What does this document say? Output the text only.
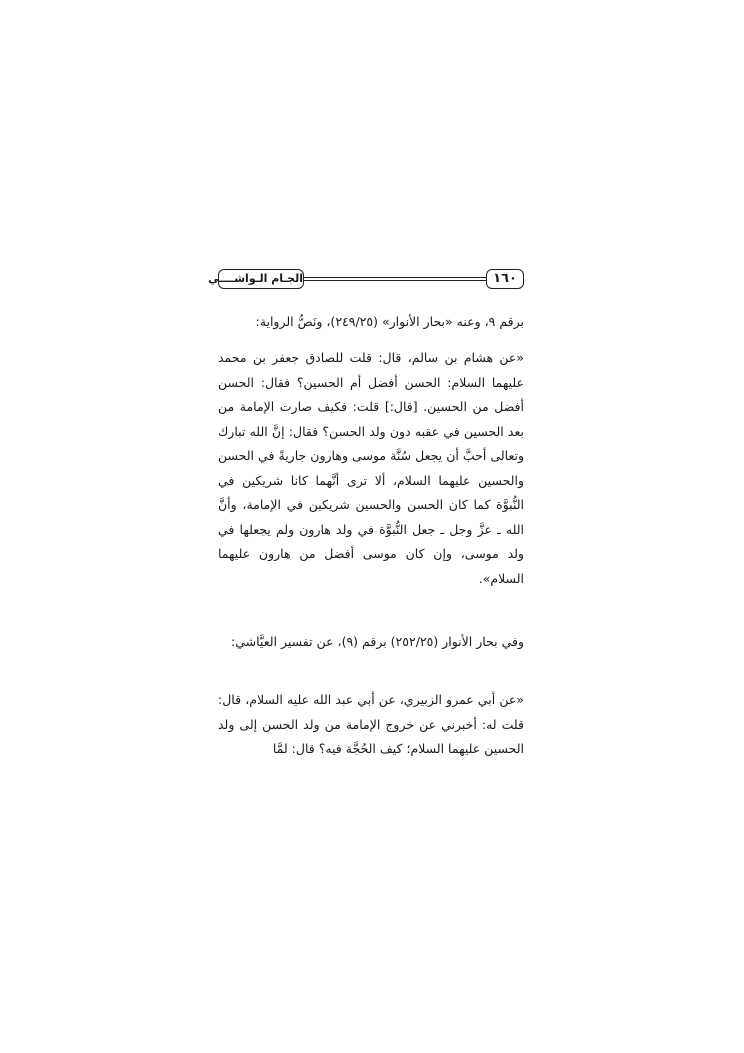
١٦٠
الجـام الـواشــــي
برقم ٩، وعنه «بحار الأنوار» (٢٤٩/٢٥)، ونَصُّ الرواية:
«عن هشام بن سالم، قال: قلت للصادق جعفر بن محمد عليهما السلام: الحسن أفضل أم الحسين؟ فقال: الحسن أفضل من الحسين. [قال:] قلت: فكيف صارت الإمامة من بعد الحسين في عقبه دون ولد الحسن؟ فقال: إنَّ الله تبارك وتعالى أحبَّ أن يجعل سُنَّة موسى وهارون جاريةً في الحسن والحسين عليهما السلام، ألا ترى أنَّهما كانا شريكين في النُّبوَّة كما كان الحسن والحسين شريكين في الإمامة، وأنَّ الله ـ عزَّ وجل ـ جعل النُّبوَّة في ولد هارون ولم يجعلها في ولد موسى، وإن كان موسى أفضل من هارون عليهما السلام».
وفي بحار الأنوار (٢٥٢/٢٥) برقم (٩)، عن تفسير العيَّاشي:
«عن أبي عمرو الزبيري، عن أبي عبد الله عليه السلام، قال: قلت له: أخبرني عن خروج الإمامة من ولد الحسن إلى ولد الحسين عليهما السلام؛ كيف الحُجَّة فيه؟ قال: لمَّا
